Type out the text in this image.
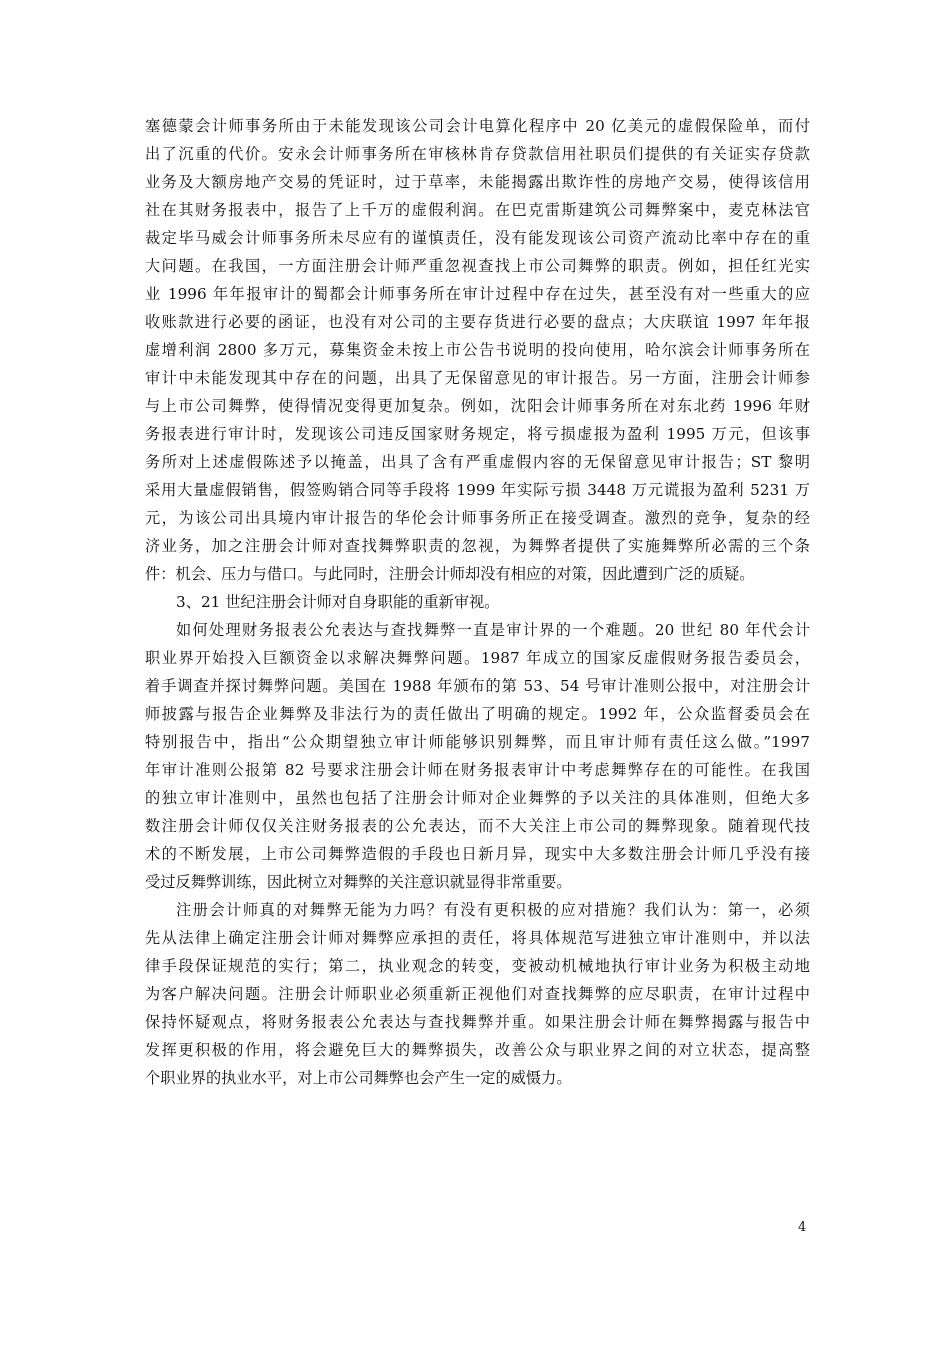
塞德蒙会计师事务所由于未能发现该公司会计电算化程序中 20 亿美元的虚假保险单，而付
出了沉重的代价。安永会计师事务所在审核林肯存贷款信用社职员们提供的有关证实存贷款
业务及大额房地产交易的凭证时，过于草率，未能揭露出欺诈性的房地产交易，使得该信用
社在其财务报表中，报告了上千万的虚假利润。在巴克雷斯建筑公司舞弊案中，麦克林法官
裁定毕马威会计师事务所未尽应有的谨慎责任，没有能发现该公司资产流动比率中存在的重
大问题。在我国，一方面注册会计师严重忽视查找上市公司舞弊的职责。例如，担任红光实
业 1996 年年报审计的蜀都会计师事务所在审计过程中存在过失，甚至没有对一些重大的应
收账款进行必要的函证，也没有对公司的主要存货进行必要的盘点；大庆联谊 1997 年年报
虚增利润 2800 多万元，募集资金未按上市公告书说明的投向使用，哈尔滨会计师事务所在
审计中未能发现其中存在的问题，出具了无保留意见的审计报告。另一方面，注册会计师参
与上市公司舞弊，使得情况变得更加复杂。例如，沈阳会计师事务所在对东北药 1996 年财
务报表进行审计时，发现该公司违反国家财务规定，将亏损虚报为盈利 1995 万元，但该事
务所对上述虚假陈述予以掩盖，出具了含有严重虚假内容的无保留意见审计报告；ST 黎明
采用大量虚假销售，假签购销合同等手段将 1999 年实际亏损 3448 万元谎报为盈利 5231 万
元，为该公司出具境内审计报告的华伦会计师事务所正在接受调查。激烈的竞争，复杂的经
济业务，加之注册会计师对查找舞弊职责的忽视，为舞弊者提供了实施舞弊所必需的三个条
件：机会、压力与借口。与此同时，注册会计师却没有相应的对策，因此遭到广泛的质疑。
3、21 世纪注册会计师对自身职能的重新审视。
如何处理财务报表公允表达与查找舞弊一直是审计界的一个难题。20 世纪 80 年代会计
职业界开始投入巨额资金以求解决舞弊问题。1987 年成立的国家反虚假财务报告委员会，
着手调查并探讨舞弊问题。美国在 1988 年颁布的第 53、54 号审计准则公报中，对注册会计
师披露与报告企业舞弊及非法行为的责任做出了明确的规定。1992 年，公众监督委员会在
特别报告中，指出“公众期望独立审计师能够识别舞弊，而且审计师有责任这么做。”1997
年审计准则公报第 82 号要求注册会计师在财务报表审计中考虑舞弊存在的可能性。在我国
的独立审计准则中，虽然也包括了注册会计师对企业舞弊的予以关注的具体准则，但绝大多
数注册会计师仅仅关注财务报表的公允表达，而不大关注上市公司的舞弊现象。随着现代技
术的不断发展，上市公司舞弊造假的手段也日新月异，现实中大多数注册会计师几乎没有接
受过反舞弊训练，因此树立对舞弊的关注意识就显得非常重要。
注册会计师真的对舞弊无能为力吗？有没有更积极的应对措施？我们认为：第一，必须
先从法律上确定注册会计师对舞弊应承担的责任，将具体规范写进独立审计准则中，并以法
律手段保证规范的实行；第二，执业观念的转变，变被动机械地执行审计业务为积极主动地
为客户解决问题。注册会计师职业必须重新正视他们对查找舞弊的应尽职责，在审计过程中
保持怀疑观点，将财务报表公允表达与查找舞弊并重。如果注册会计师在舞弊揭露与报告中
发挥更积极的作用，将会避免巨大的舞弊损失，改善公众与职业界之间的对立状态，提高整
个职业界的执业水平，对上市公司舞弊也会产生一定的威慑力。
4
